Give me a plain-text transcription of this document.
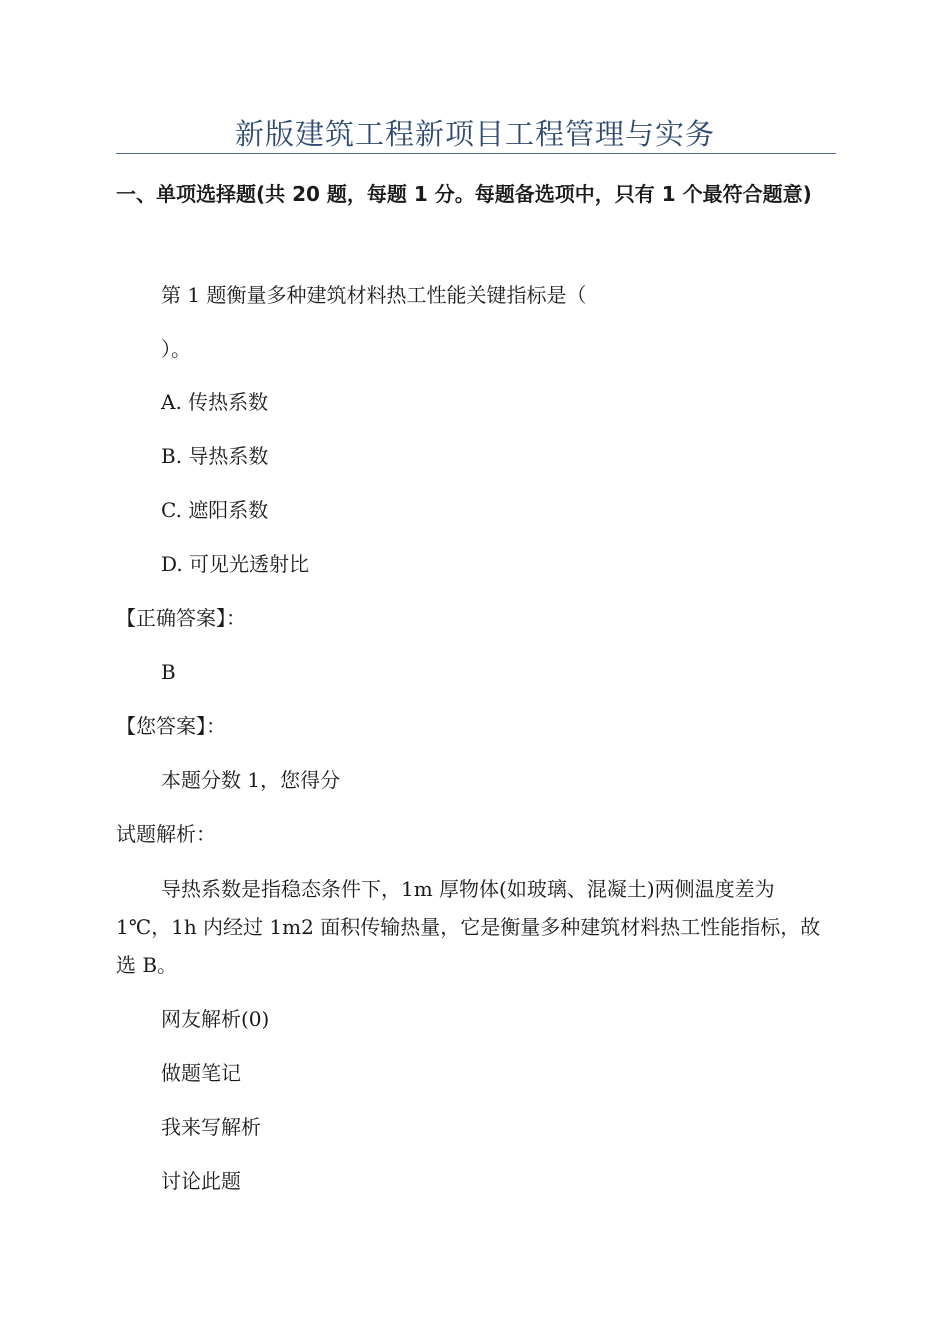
新版建筑工程新项目工程管理与实务
一、单项选择题(共 20 题，每题 1 分。每题备选项中，只有 1 个最符合题意)
第 1 题衡量多种建筑材料热工性能关键指标是（
）。
A. 传热系数
B. 导热系数
C. 遮阳系数
D. 可见光透射比
【正确答案】：
B
【您答案】：
本题分数 1，您得分
试题解析：
导热系数是指稳态条件下，1m 厚物体(如玻璃、混凝土)两侧温度差为 1℃，1h 内经过 1m2 面积传输热量，它是衡量多种建筑材料热工性能指标，故选 B。
网友解析(0)
做题笔记
我来写解析
讨论此题
